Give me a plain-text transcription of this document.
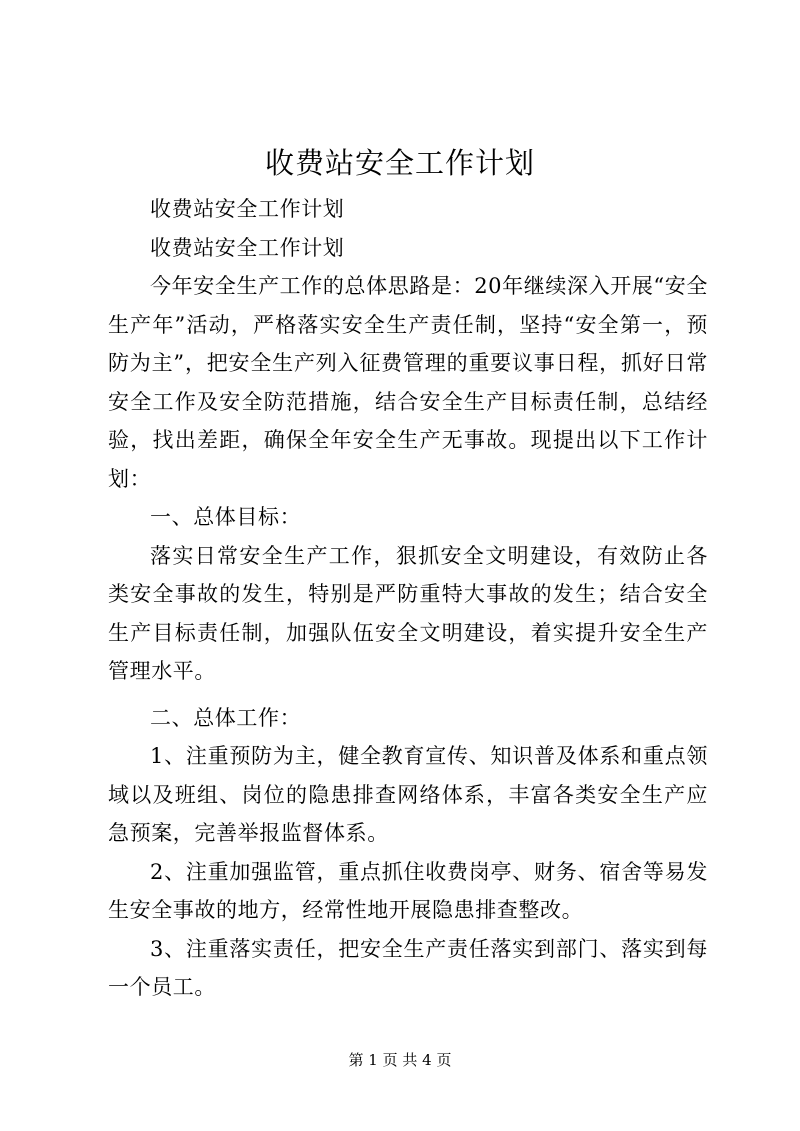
收费站安全工作计划

收费站安全工作计划

收费站安全工作计划

今年安全生产工作的总体思路是：20年继续深入开展“安全生产年”活动，严格落实安全生产责任制，坚持“安全第一，预防为主”，把安全生产列入征费管理的重要议事日程，抓好日常安全工作及安全防范措施，结合安全生产目标责任制，总结经验，找出差距，确保全年安全生产无事故。现提出以下工作计划：

一、总体目标：

落实日常安全生产工作，狠抓安全文明建设，有效防止各类安全事故的发生，特别是严防重特大事故的发生；结合安全生产目标责任制，加强队伍安全文明建设，着实提升安全生产管理水平。

二、总体工作：

1、注重预防为主，健全教育宣传、知识普及体系和重点领域以及班组、岗位的隐患排查网络体系，丰富各类安全生产应急预案，完善举报监督体系。

2、注重加强监管，重点抓住收费岗亭、财务、宿舍等易发生安全事故的地方，经常性地开展隐患排查整改。

3、注重落实责任，把安全生产责任落实到部门、落实到每一个员工。

第 1 页 共 4 页
